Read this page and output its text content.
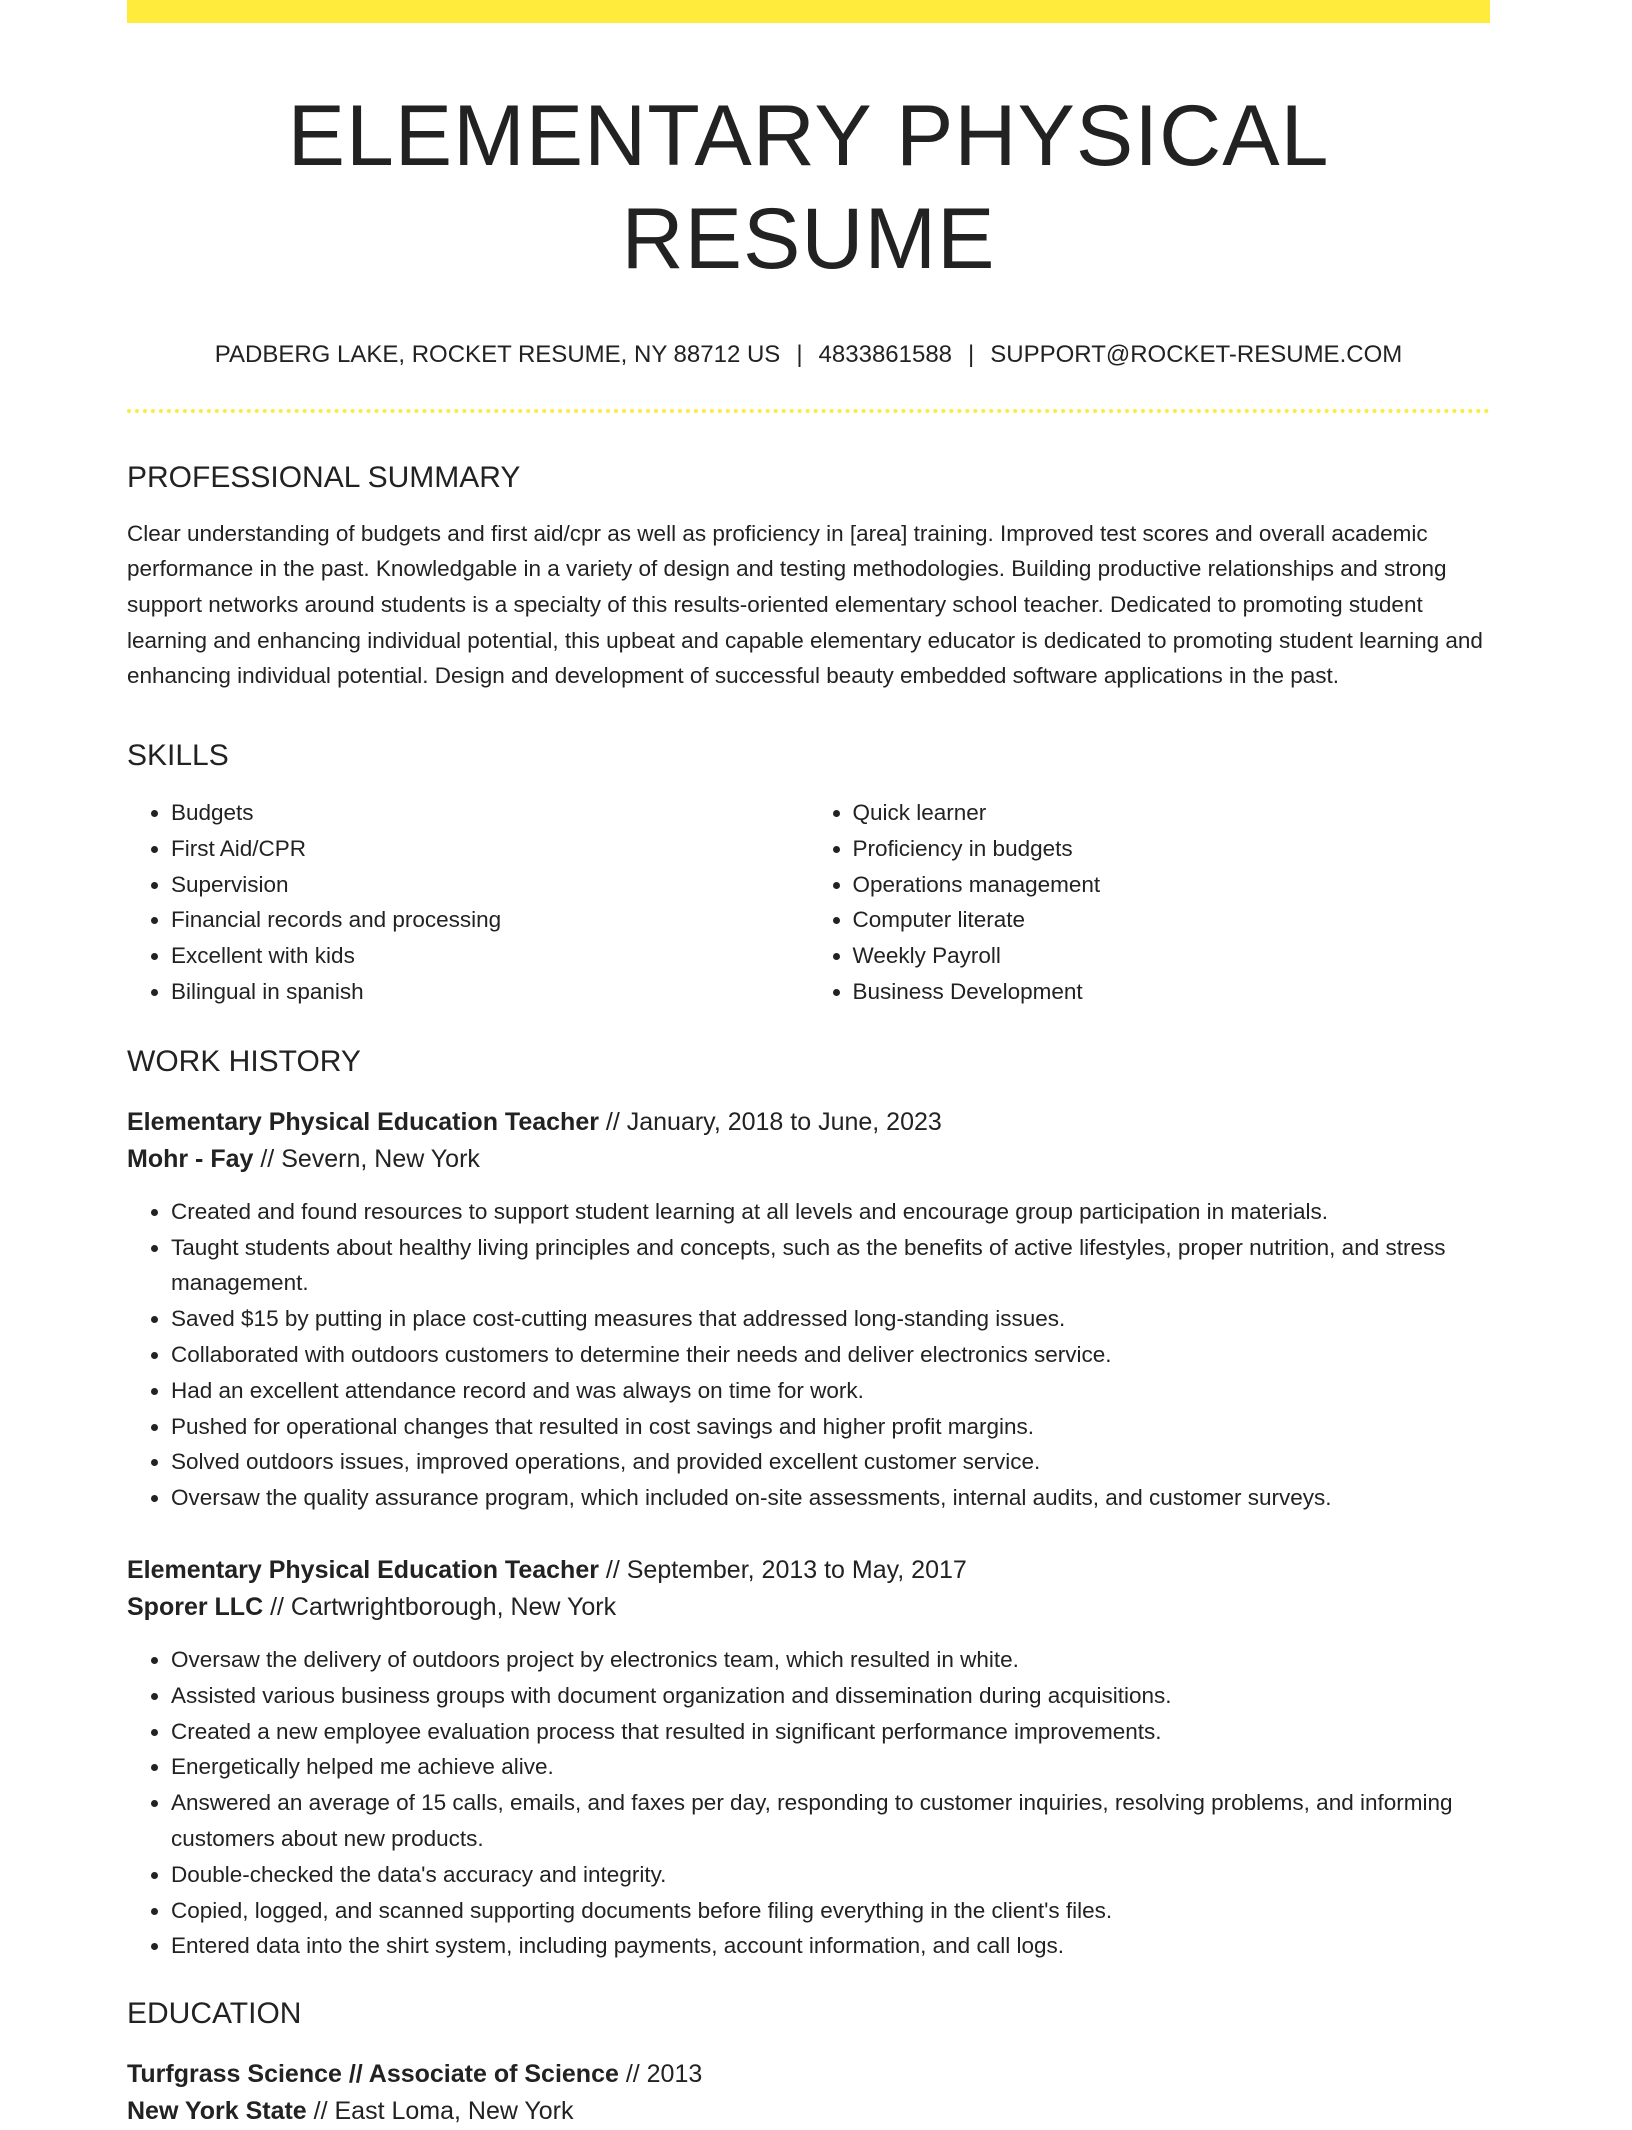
ELEMENTARY PHYSICAL RESUME
PADBERG LAKE, ROCKET RESUME, NY 88712 US | 4833861588 | SUPPORT@ROCKET-RESUME.COM
PROFESSIONAL SUMMARY
Clear understanding of budgets and first aid/cpr as well as proficiency in [area] training. Improved test scores and overall academic performance in the past. Knowledgable in a variety of design and testing methodologies. Building productive relationships and strong support networks around students is a specialty of this results-oriented elementary school teacher. Dedicated to promoting student learning and enhancing individual potential, this upbeat and capable elementary educator is dedicated to promoting student learning and enhancing individual potential. Design and development of successful beauty embedded software applications in the past.
SKILLS
• Budgets
• First Aid/CPR
• Supervision
• Financial records and processing
• Excellent with kids
• Bilingual in spanish
• Quick learner
• Proficiency in budgets
• Operations management
• Computer literate
• Weekly Payroll
• Business Development
WORK HISTORY
Elementary Physical Education Teacher // January, 2018 to June, 2023
Mohr - Fay // Severn, New York
• Created and found resources to support student learning at all levels and encourage group participation in materials.
• Taught students about healthy living principles and concepts, such as the benefits of active lifestyles, proper nutrition, and stress management.
• Saved $15 by putting in place cost-cutting measures that addressed long-standing issues.
• Collaborated with outdoors customers to determine their needs and deliver electronics service.
• Had an excellent attendance record and was always on time for work.
• Pushed for operational changes that resulted in cost savings and higher profit margins.
• Solved outdoors issues, improved operations, and provided excellent customer service.
• Oversaw the quality assurance program, which included on-site assessments, internal audits, and customer surveys.
Elementary Physical Education Teacher // September, 2013 to May, 2017
Sporer LLC // Cartwrightborough, New York
• Oversaw the delivery of outdoors project by electronics team, which resulted in white.
• Assisted various business groups with document organization and dissemination during acquisitions.
• Created a new employee evaluation process that resulted in significant performance improvements.
• Energetically helped me achieve alive.
• Answered an average of 15 calls, emails, and faxes per day, responding to customer inquiries, resolving problems, and informing customers about new products.
• Double-checked the data's accuracy and integrity.
• Copied, logged, and scanned supporting documents before filing everything in the client's files.
• Entered data into the shirt system, including payments, account information, and call logs.
EDUCATION
Turfgrass Science // Associate of Science // 2013
New York State // East Loma, New York
